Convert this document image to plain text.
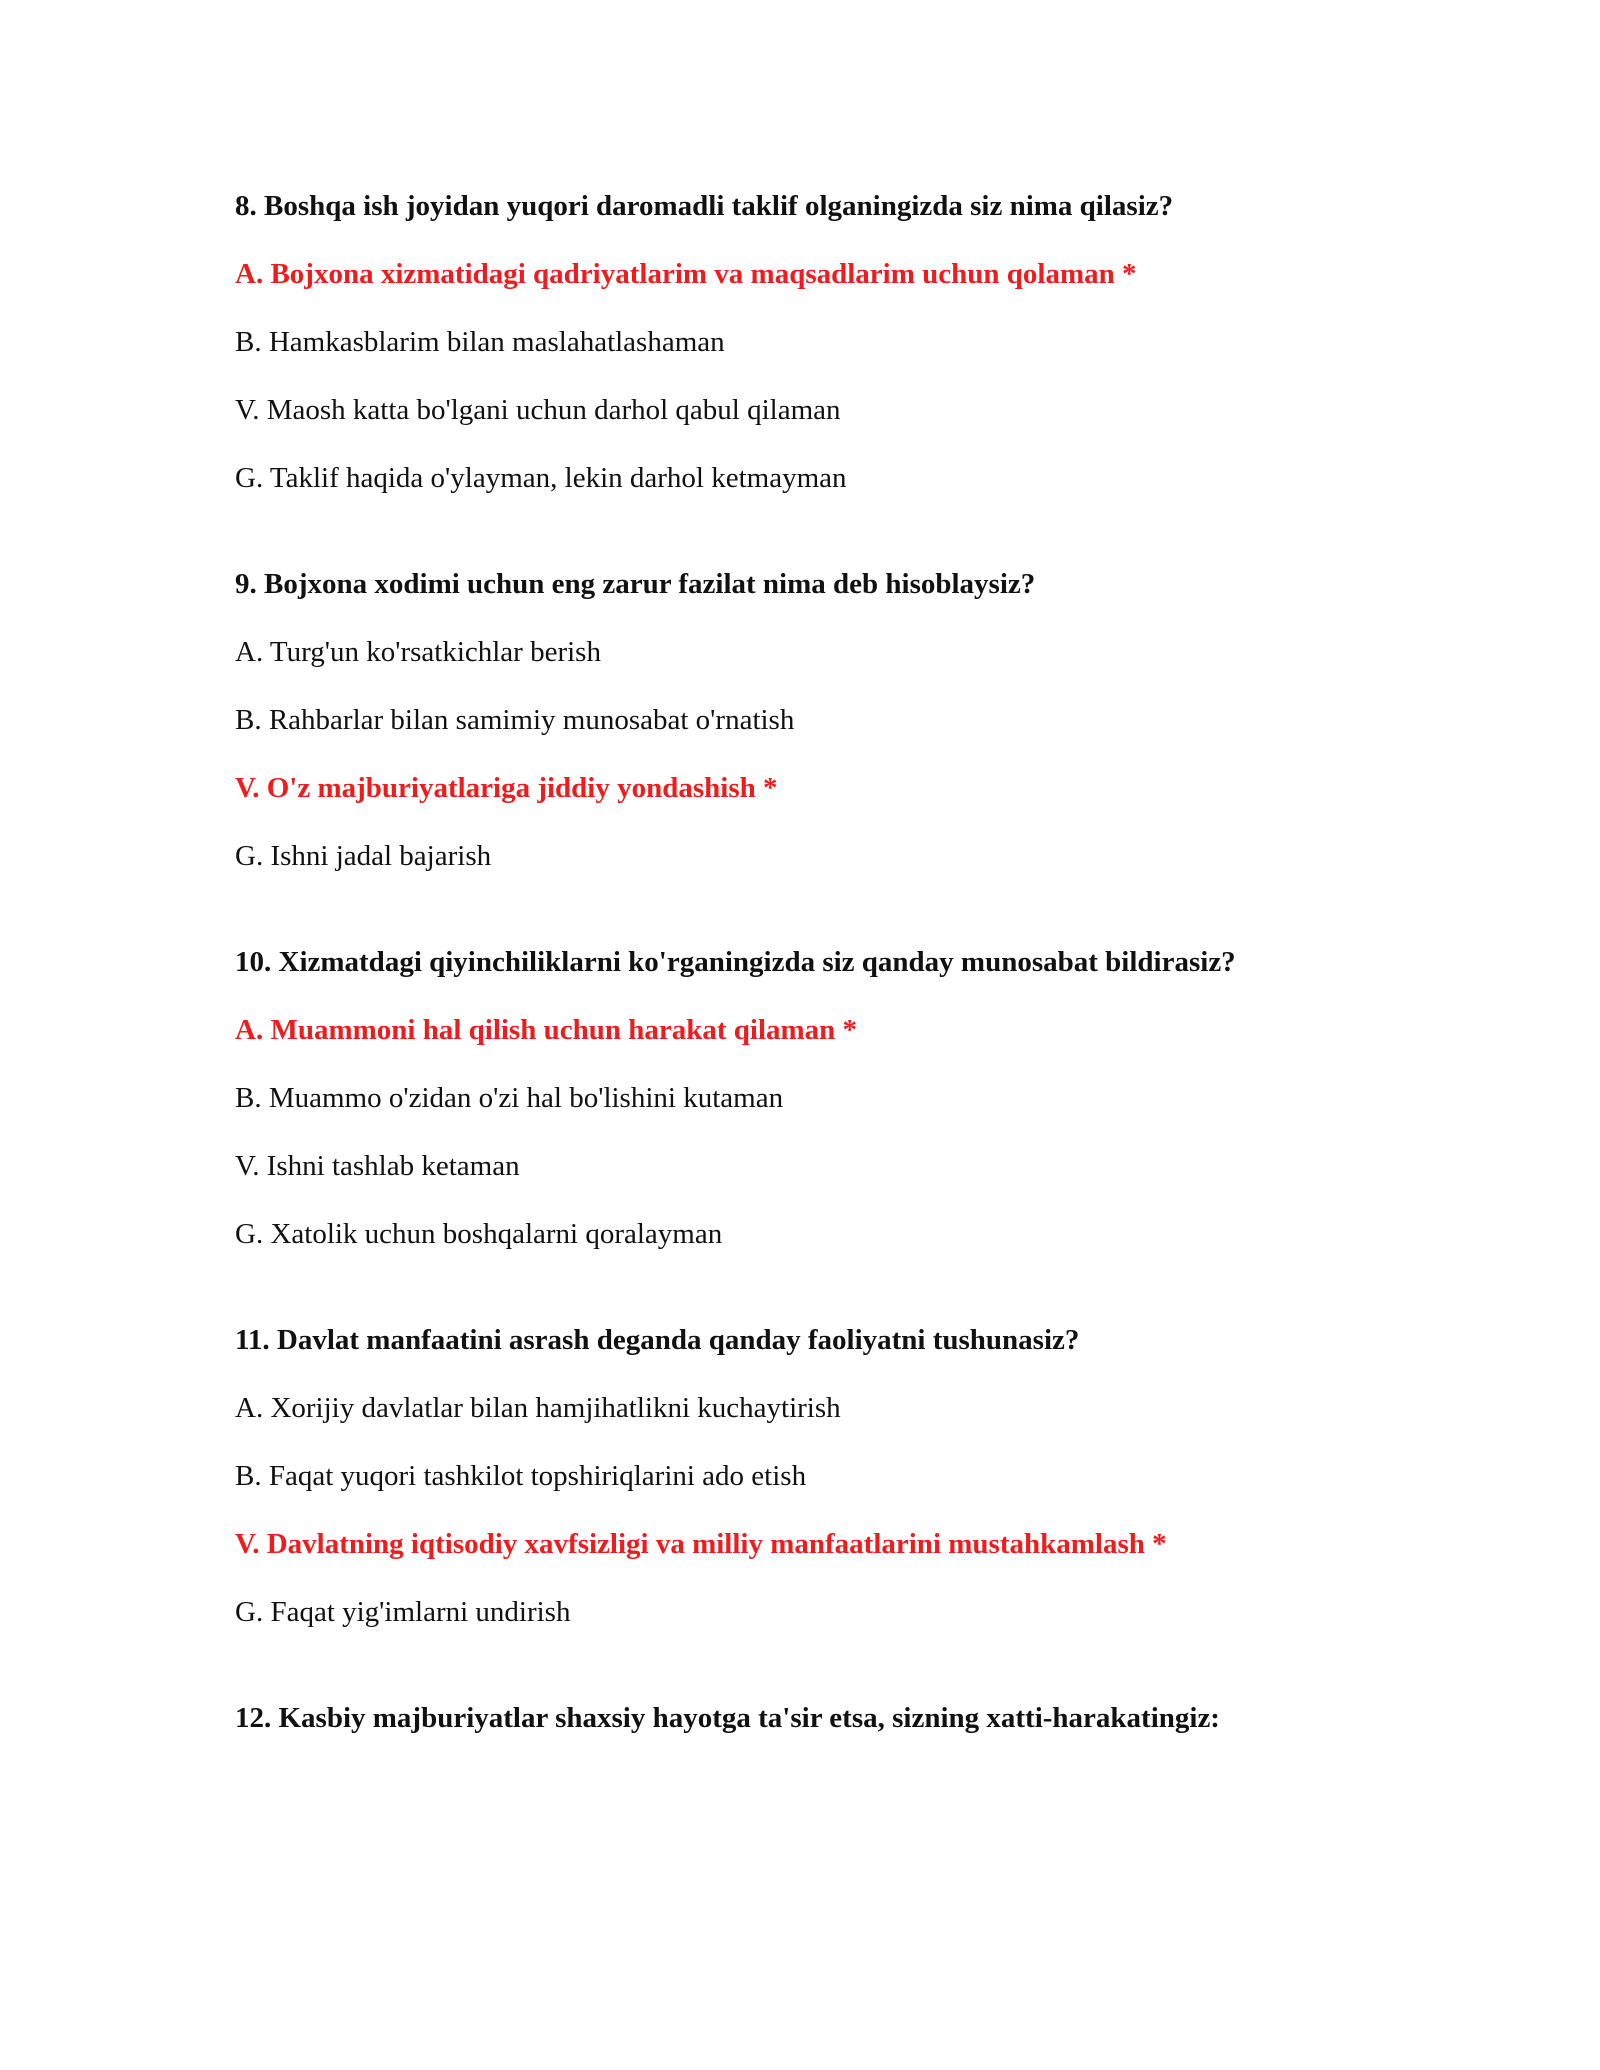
8. Boshqa ish joyidan yuqori daromadli taklif olganingizda siz nima qilasiz?
A. Bojxona xizmatidagi qadriyatlarim va maqsadlarim uchun qolaman *
B. Hamkasblarim bilan maslahatlashaman
V. Maosh katta bo'lgani uchun darhol qabul qilaman
G. Taklif haqida o'ylayman, lekin darhol ketmayman
9. Bojxona xodimi uchun eng zarur fazilat nima deb hisoblaysiz?
A. Turg'un ko'rsatkichlar berish
B. Rahbarlar bilan samimiy munosabat o'rnatish
V. O'z majburiyatlariga jiddiy yondashish *
G. Ishni jadal bajarish
10. Xizmatdagi qiyinchiliklarni ko'rganingizda siz qanday munosabat bildirasiz?
A. Muammoni hal qilish uchun harakat qilaman *
B. Muammo o'zidan o'zi hal bo'lishini kutaman
V. Ishni tashlab ketaman
G. Xatolik uchun boshqalarni qoralayman
11. Davlat manfaatini asrash deganda qanday faoliyatni tushunasiz?
A. Xorijiy davlatlar bilan hamjihatlikni kuchaytirish
B. Faqat yuqori tashkilot topshiriqlarini ado etish
V. Davlatning iqtisodiy xavfsizligi va milliy manfaatlarini mustahkamlash *
G. Faqat yig'imlarni undirish
12. Kasbiy majburiyatlar shaxsiy hayotga ta'sir etsa, sizning xatti-harakatingiz:
